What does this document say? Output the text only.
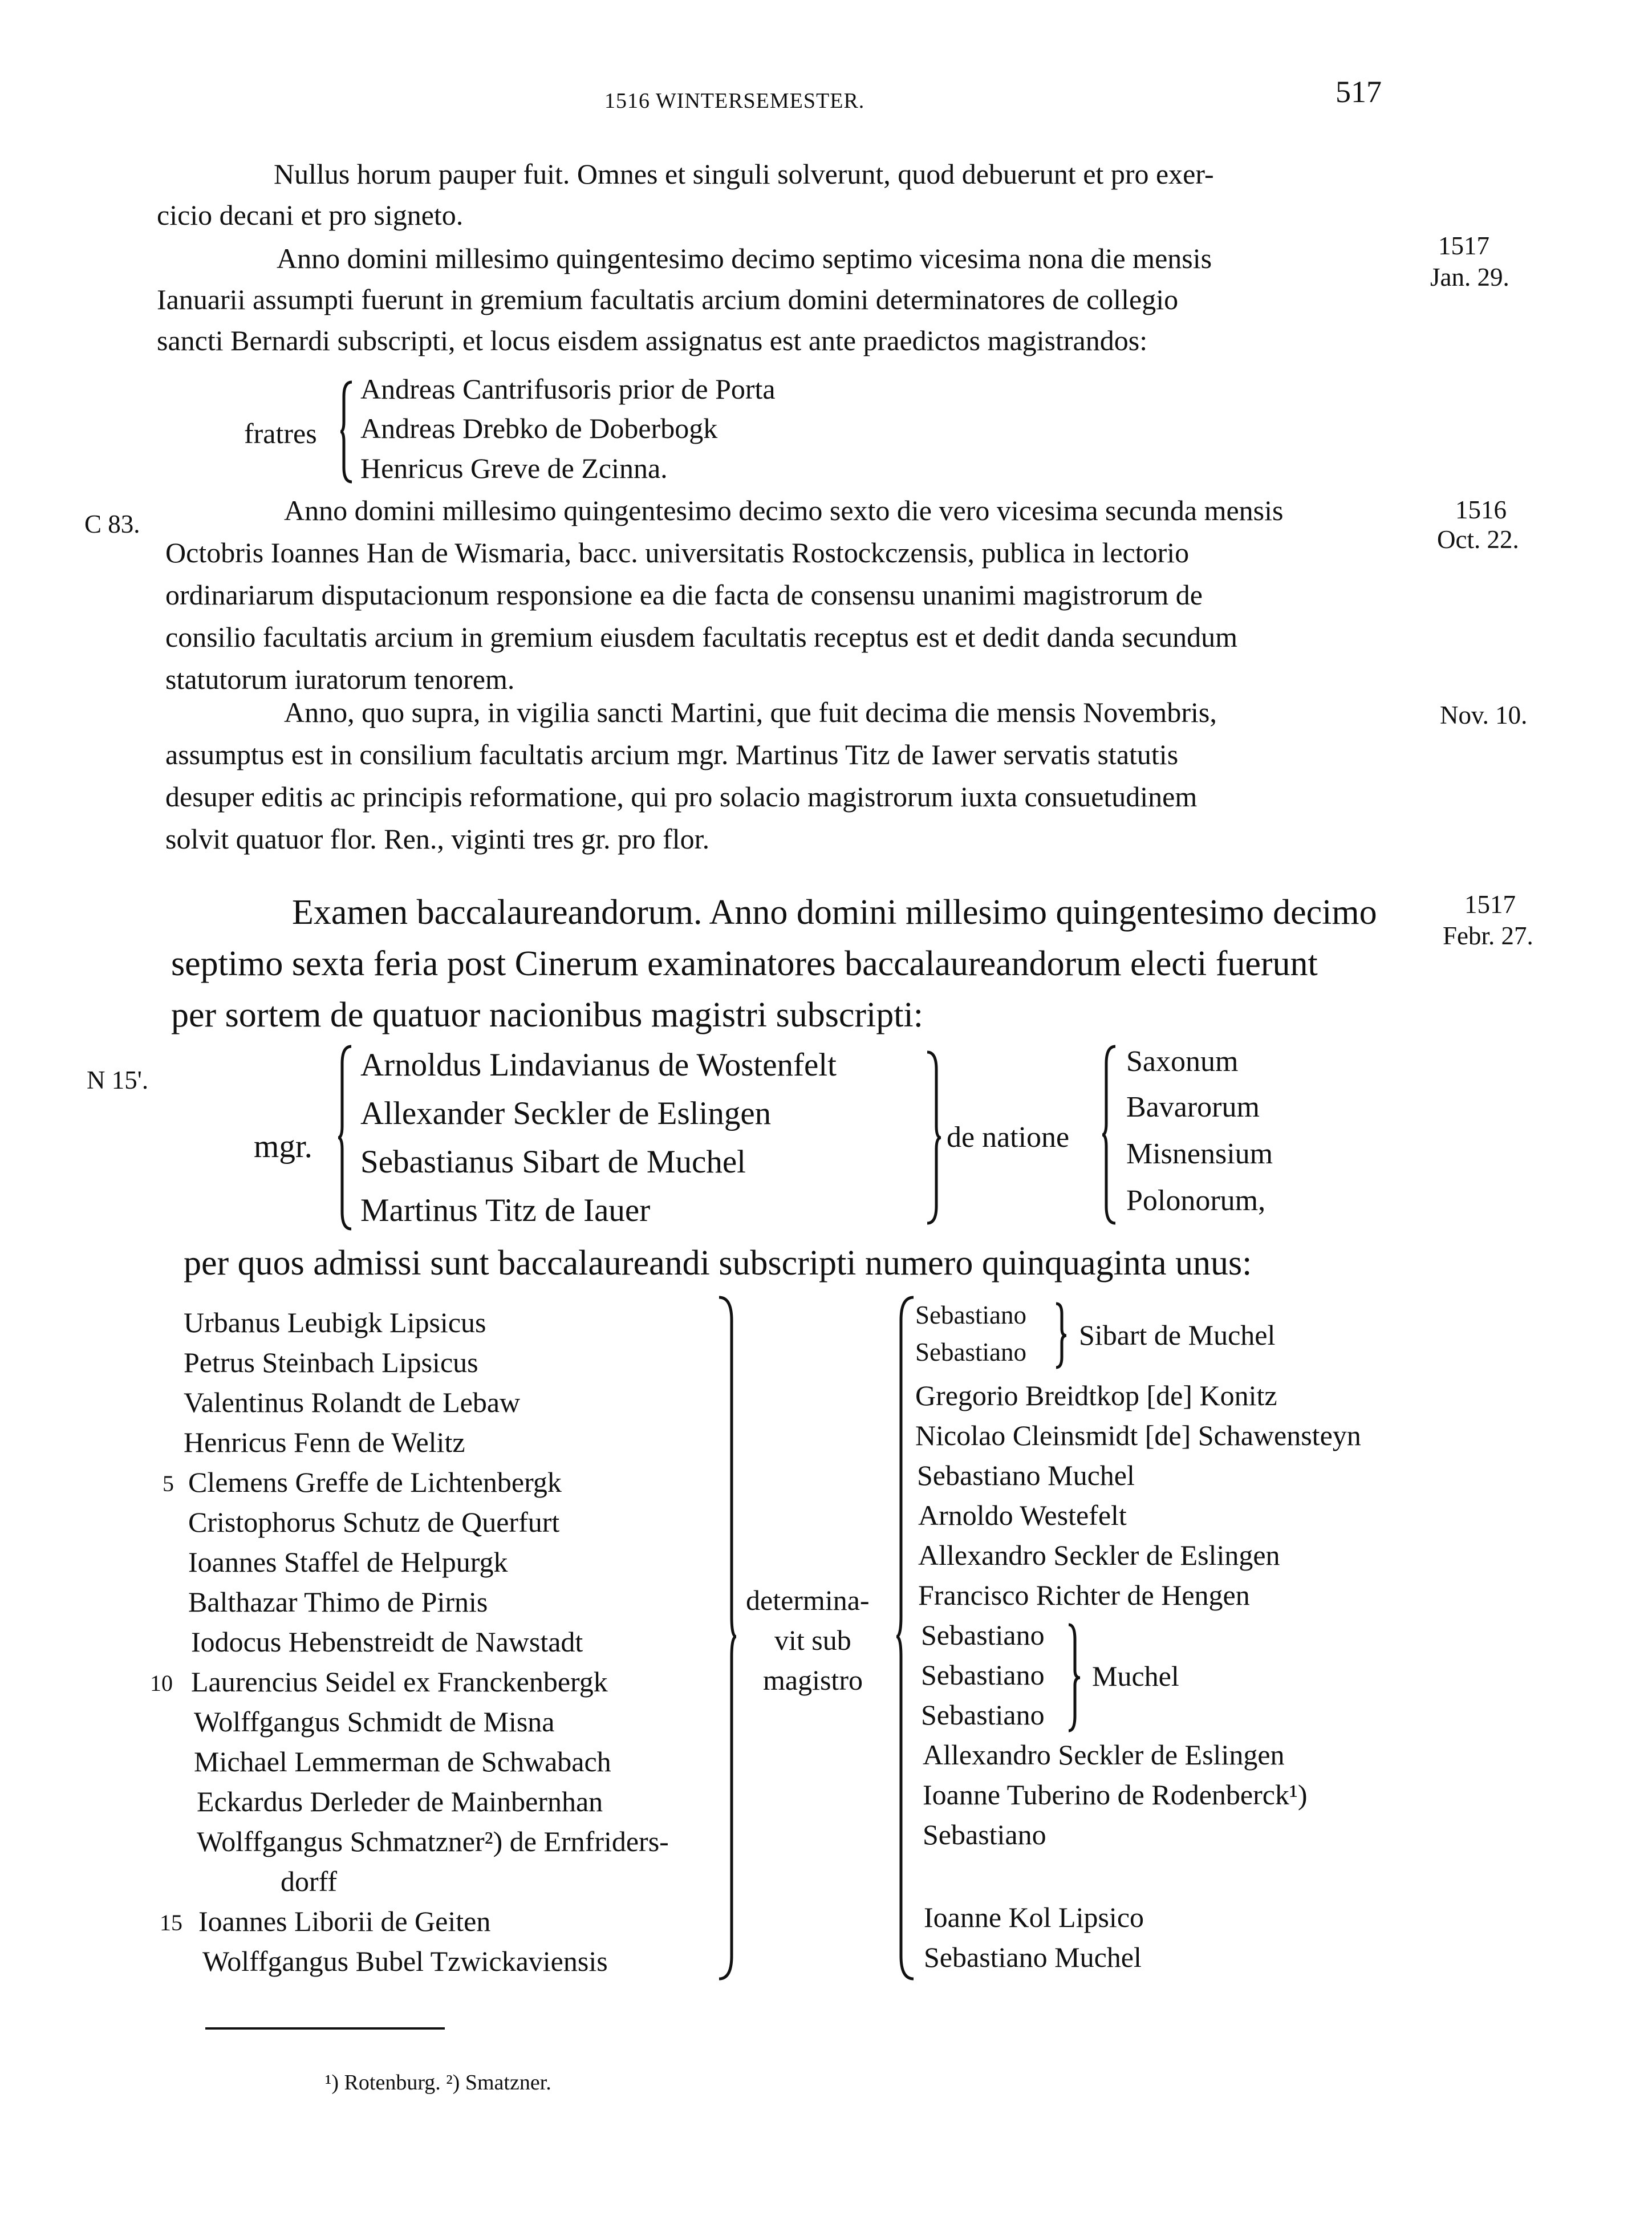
1516 WINTERSEMESTER.	517
Nullus horum pauper fuit. Omnes et singuli solverunt, quod debuerunt et pro exer-
cicio decani et pro signeto.
Anno domini millesimo quingentesimo decimo septimo vicesima nona die mensis
Ianuarii assumpti fuerunt in gremium facultatis arcium domini determinatores de collegio
sancti Bernardi subscripti, et locus eisdem assignatus est ante praedictos magistrandos:
1517
Jan. 29.
fratres
Andreas Cantrifusoris prior de Porta
Andreas Drebko de Doberbogk
Henricus Greve de Zcinna.
C 83.	Anno domini millesimo quingentesimo decimo sexto die vero vicesima secunda mensis
Octobris Ioannes Han de Wismaria, bacc. universitatis Rostockczensis, publica in lectorio
ordinariarum disputacionum responsione ea die facta de consensu unanimi magistrorum de
consilio facultatis arcium in gremium eiusdem facultatis receptus est et dedit danda secundum
statutorum iuratorum tenorem.
1516
Oct. 22.
Anno, quo supra, in vigilia sancti Martini, que fuit decima die mensis Novembris,
assumptus est in consilium facultatis arcium mgr. Martinus Titz de Iawer servatis statutis
desuper editis ac principis reformatione, qui pro solacio magistrorum iuxta consuetudinem
solvit quatuor flor. Ren., viginti tres gr. pro flor.
Nov. 10.
Examen baccalaureandorum. Anno domini millesimo quingentesimo decimo
septimo sexta feria post Cinerum examinatores baccalaureandorum electi fuerunt
per sortem de quatuor nacionibus magistri subscripti:
1517
Febr. 27.
N 15'.
mgr.
Arnoldus Lindavianus de Wostenfelt
Allexander Seckler de Eslingen
Sebastianus Sibart de Muchel
Martinus Titz de Iauer
de natione
Saxonum
Bavarorum
Misnensium
Polonorum,
per quos admissi sunt baccalaureandi subscripti numero quinquaginta unus:
Urbanus Leubigk Lipsicus
Petrus Steinbach Lipsicus
Valentinus Rolandt de Lebaw
Henricus Fenn de Welitz
5 Clemens Greffe de Lichtenbergk
Cristophorus Schutz de Querfurt
Ioannes Staffel de Helpurgk
Balthazar Thimo de Pirnis
Iodocus Hebenstreidt de Nawstadt
10 Laurencius Seidel ex Franckenbergk
Wolffgangus Schmidt de Misna
Michael Lemmerman de Schwabach
Eckardus Derleder de Mainbernhan
Wolffgangus Schmatzner²) de Ernfriders-
dorff
15 Ioannes Liborii de Geiten
Wolffgangus Bubel Tzwickaviensis
determina-
vit sub
magistro
Sebastiano
Sebastiano
Sibart de Muchel
Gregorio Breidtkop [de] Konitz
Nicolao Cleinsmidt [de] Schawensteyn
Sebastiano Muchel
Arnoldo Westefelt
Allexandro Seckler de Eslingen
Francisco Richter de Hengen
Sebastiano
Sebastiano
Sebastiano
Muchel
Allexandro Seckler de Eslingen
Ioanne Tuberino de Rodenberck¹)
Sebastiano
Ioanne Kol Lipsico
Sebastiano Muchel
¹) Rotenburg. ²) Smatzner.
